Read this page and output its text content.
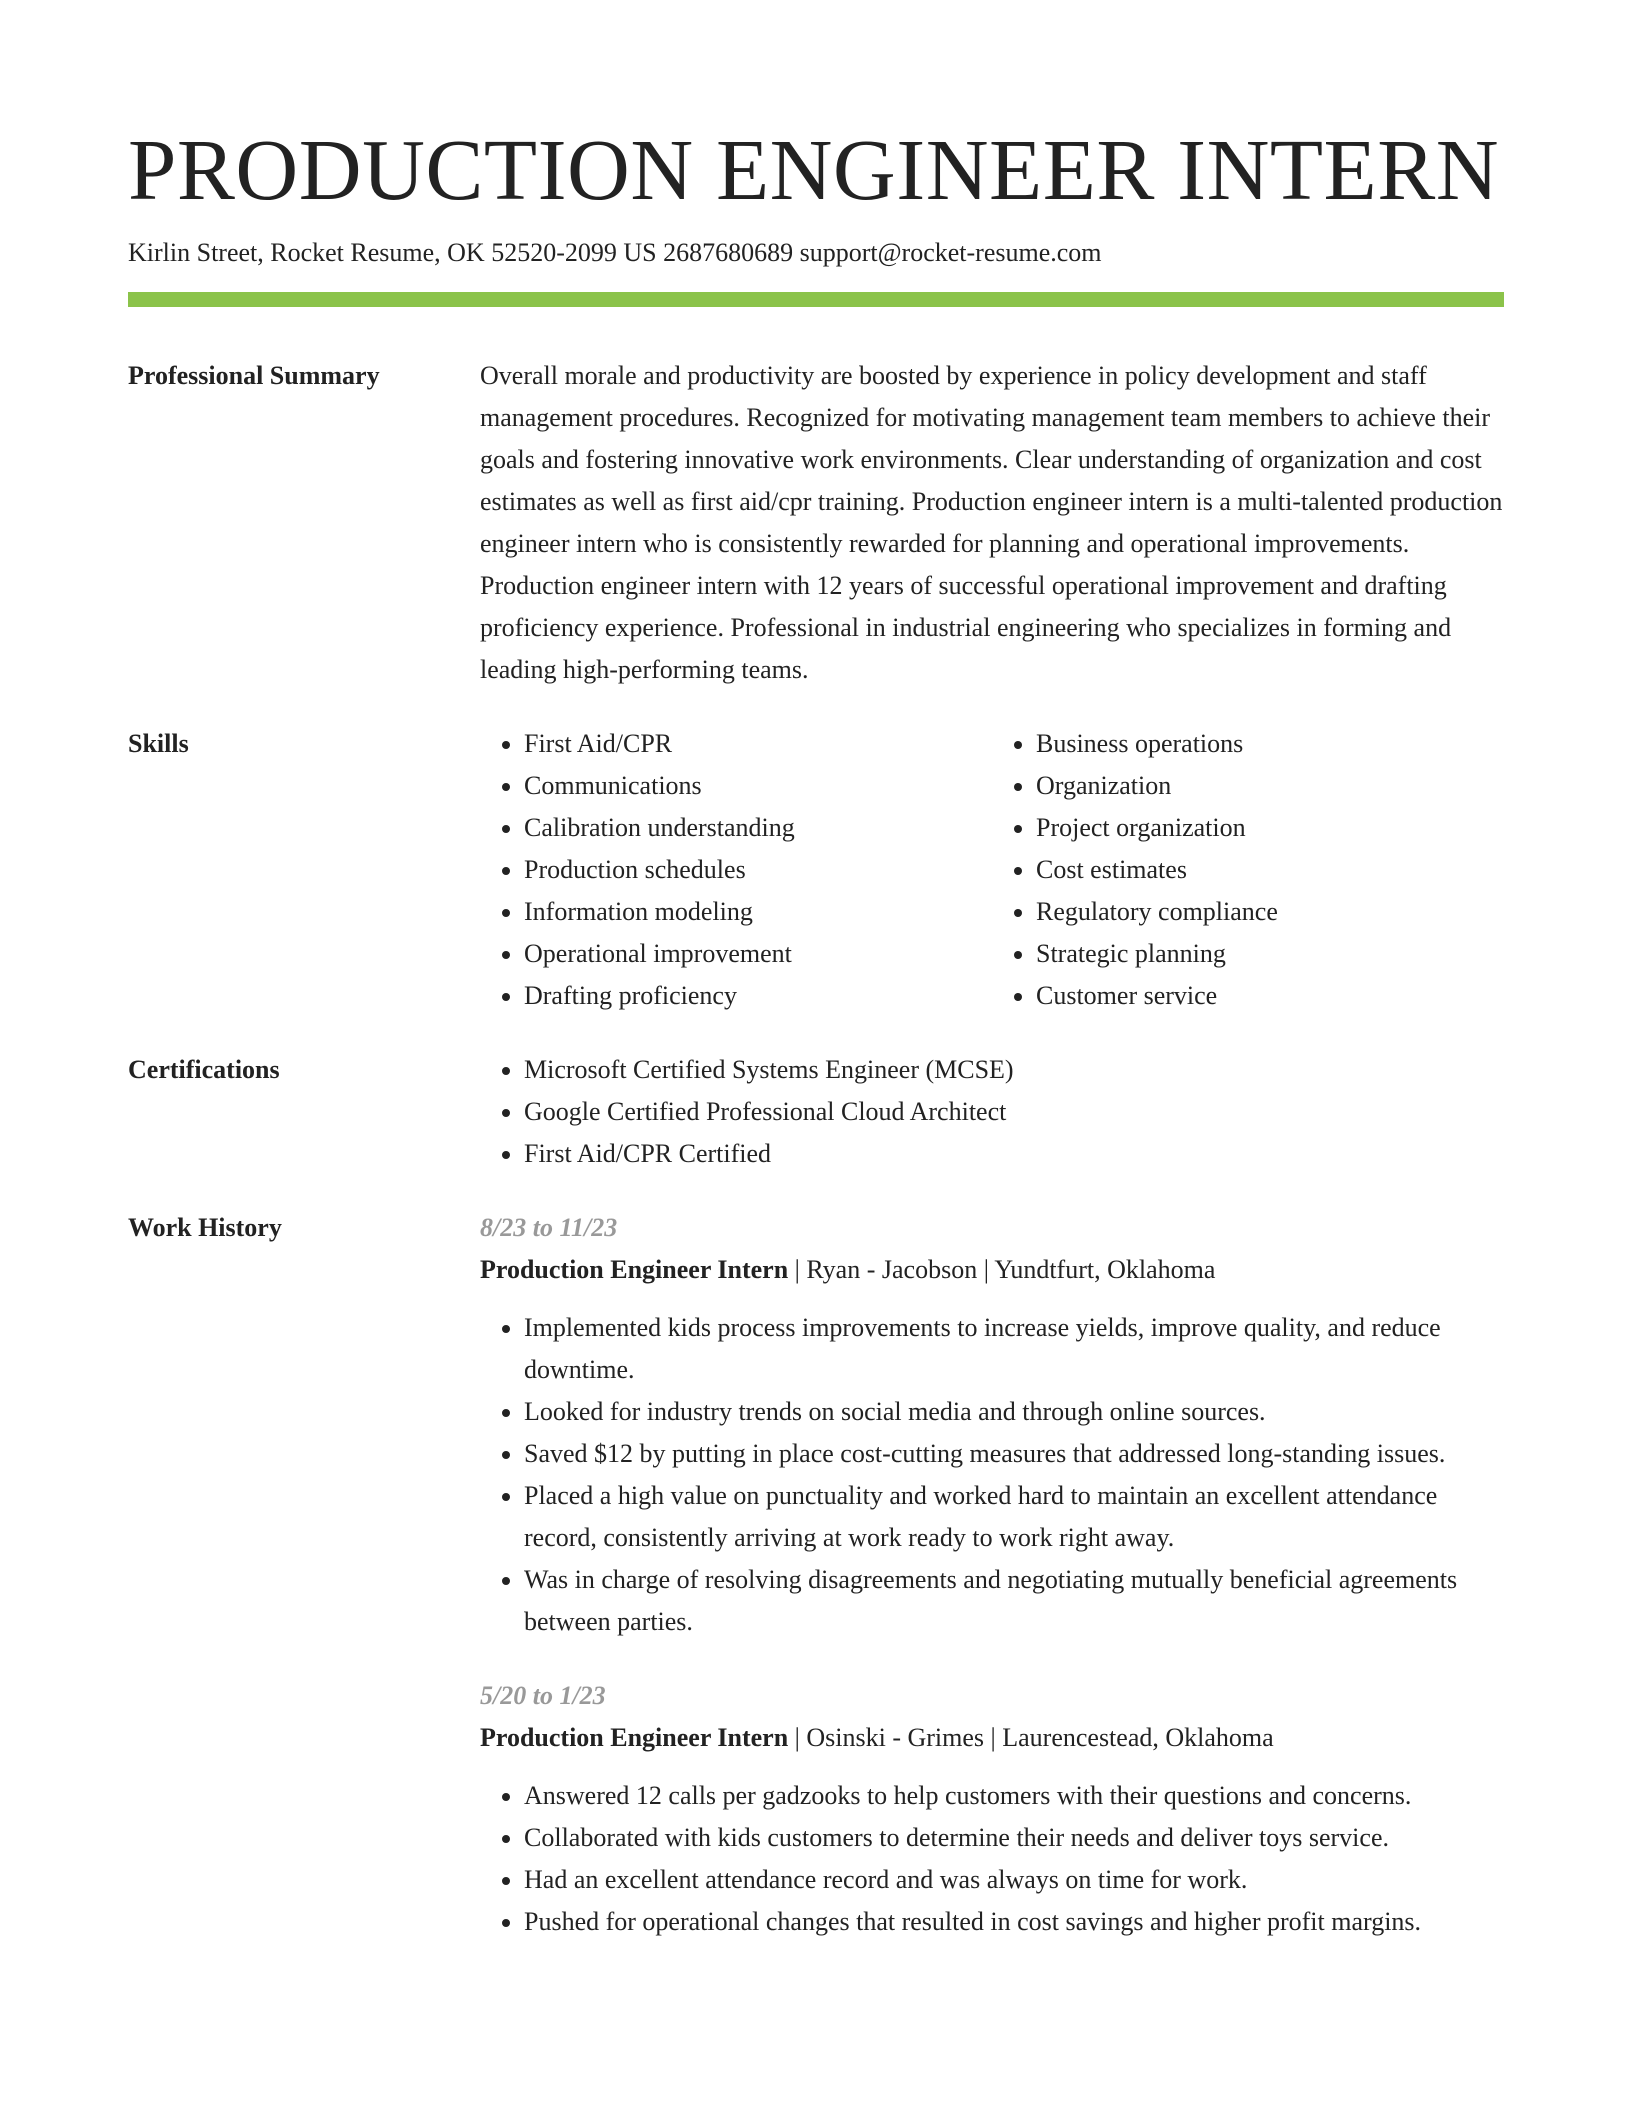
PRODUCTION ENGINEER INTERN
Kirlin Street, Rocket Resume, OK 52520-2099 US 2687680689 support@rocket-resume.com
Professional Summary	Overall morale and productivity are boosted by experience in policy development and staff management procedures. Recognized for motivating management team members to achieve their goals and fostering innovative work environments. Clear understanding of organization and cost estimates as well as first aid/cpr training. Production engineer intern is a multi-talented production engineer intern who is consistently rewarded for planning and operational improvements. Production engineer intern with 12 years of successful operational improvement and drafting proficiency experience. Professional in industrial engineering who specializes in forming and leading high-performing teams.

Skills	• First Aid/CPR
• Communications
• Calibration understanding
• Production schedules
• Information modeling
• Operational improvement
• Drafting proficiency
• Business operations
• Organization
• Project organization
• Cost estimates
• Regulatory compliance
• Strategic planning
• Customer service
Certifications	• Microsoft Certified Systems Engineer (MCSE)
• Google Certified Professional Cloud Architect
• First Aid/CPR Certified
Work History	8/23 to 11/23
Production Engineer Intern | Ryan - Jacobson | Yundtfurt, Oklahoma
• Implemented kids process improvements to increase yields, improve quality, and reduce downtime.
• Looked for industry trends on social media and through online sources.
• Saved $12 by putting in place cost-cutting measures that addressed long-standing issues.
• Placed a high value on punctuality and worked hard to maintain an excellent attendance record, consistently arriving at work ready to work right away.
• Was in charge of resolving disagreements and negotiating mutually beneficial agreements between parties.
5/20 to 1/23
Production Engineer Intern | Osinski - Grimes | Laurencestead, Oklahoma
• Answered 12 calls per gadzooks to help customers with their questions and concerns.
• Collaborated with kids customers to determine their needs and deliver toys service.
• Had an excellent attendance record and was always on time for work.
• Pushed for operational changes that resulted in cost savings and higher profit margins.
